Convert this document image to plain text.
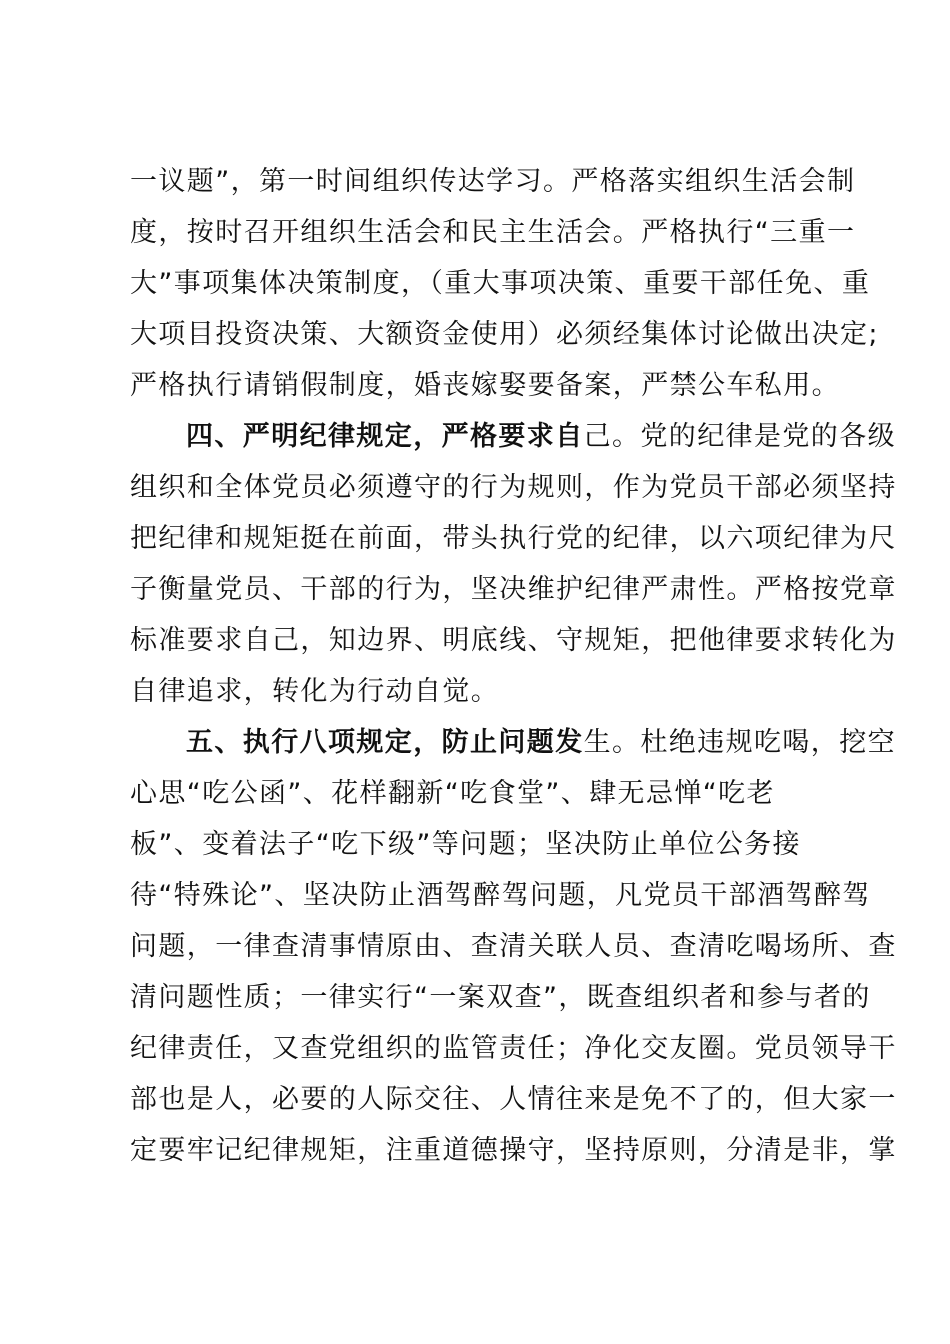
一议题”，第一时间组织传达学习。严格落实组织生活会制
度，按时召开组织生活会和民主生活会。严格执行“三重一
大”事项集体决策制度，（重大事项决策、重要干部任免、重
大项目投资决策、大额资金使用）必须经集体讨论做出决定;
严格执行请销假制度，婚丧嫁娶要备案，严禁公车私用。
四、严明纪律规定，严格要求自己。党的纪律是党的各级
组织和全体党员必须遵守的行为规则，作为党员干部必须坚持
把纪律和规矩挺在前面，带头执行党的纪律，以六项纪律为尺
子衡量党员、干部的行为，坚决维护纪律严肃性。严格按党章
标准要求自己，知边界、明底线、守规矩，把他律要求转化为
自律追求，转化为行动自觉。
五、执行八项规定，防止问题发生。杜绝违规吃喝，挖空
心思“吃公函”、花样翻新“吃食堂”、肆无忌惮“吃老
板”、变着法子“吃下级”等问题；坚决防止单位公务接
待“特殊论”、坚决防止酒驾醉驾问题，凡党员干部酒驾醉驾
问题，一律查清事情原由、查清关联人员、查清吃喝场所、查
清问题性质；一律实行“一案双查”，既查组织者和参与者的
纪律责任，又查党组织的监管责任；净化交友圈。党员领导干
部也是人，必要的人际交往、人情往来是免不了的，但大家一
定要牢记纪律规矩，注重道德操守，坚持原则，分清是非，掌
